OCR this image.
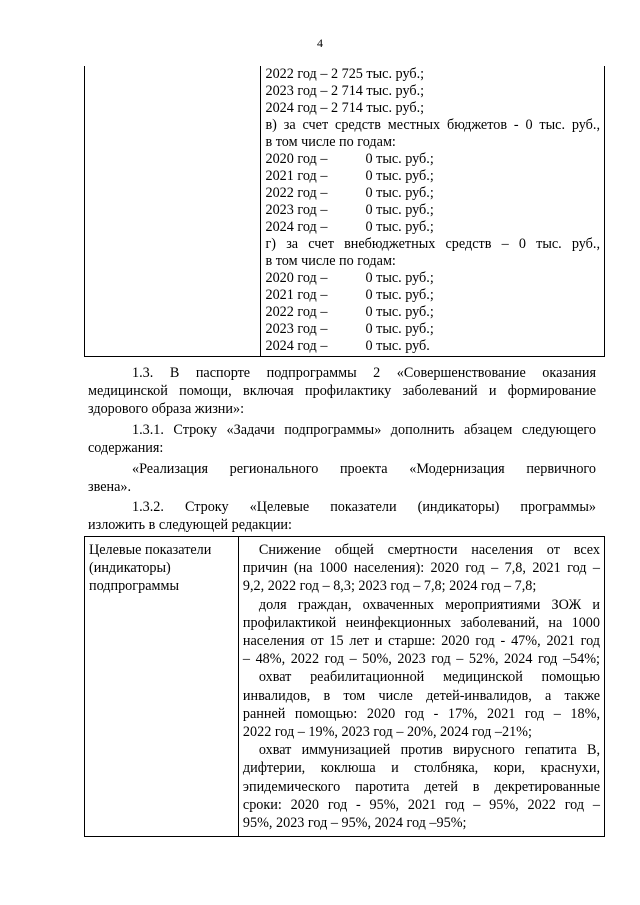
4

2022 год – 2 725 тыс. руб.;
2023 год – 2 714 тыс. руб.;
2024 год – 2 714 тыс. руб.;
в) за счет средств местных бюджетов - 0 тыс. руб.,
в том числе по годам:
2020 год –	0 тыс. руб.;
2021 год –	0 тыс. руб.;
2022 год –	0 тыс. руб.;
2023 год –	0 тыс. руб.;
2024 год –	0 тыс. руб.;
г) за счет внебюджетных средств – 0 тыс. руб.,
в том числе по годам:
2020 год –	0 тыс. руб.;
2021 год –	0 тыс. руб.;
2022 год –	0 тыс. руб.;
2023 год –	0 тыс. руб.;
2024 год –	0 тыс. руб.
1.3. В паспорте подпрограммы 2 «Совершенствование оказания
медицинской помощи, включая профилактику заболеваний и формирование
здорового образа жизни»:
1.3.1. Строку «Задачи подпрограммы» дополнить абзацем следующего
содержания:
«Реализация регионального проекта «Модернизация первичного
звена».
1.3.2. Строку «Целевые показатели (индикаторы) программы»
изложить в следующей редакции:
Целевые показатели
(индикаторы)
подпрограммы

Снижение общей смертности населения от всех
причин (на 1000 населения): 2020 год – 7,8, 2021 год –
9,2, 2022 год – 8,3; 2023 год – 7,8; 2024 год – 7,8;
доля граждан, охваченных мероприятиями ЗОЖ и
профилактикой неинфекционных заболеваний, на 1000
населения от 15 лет и старше: 2020 год - 47%, 2021 год
– 48%, 2022 год – 50%, 2023 год – 52%, 2024 год –54%;
охват реабилитационной медицинской помощью
инвалидов, в том числе детей-инвалидов, а также
ранней помощью: 2020 год - 17%, 2021 год – 18%,
2022 год – 19%, 2023 год – 20%, 2024 год –21%;
охват иммунизацией против вирусного гепатита В,
дифтерии, коклюша и столбняка, кори, краснухи,
эпидемического паротита детей в декретированные
сроки: 2020 год - 95%, 2021 год – 95%, 2022 год –
95%, 2023 год – 95%, 2024 год –95%;
